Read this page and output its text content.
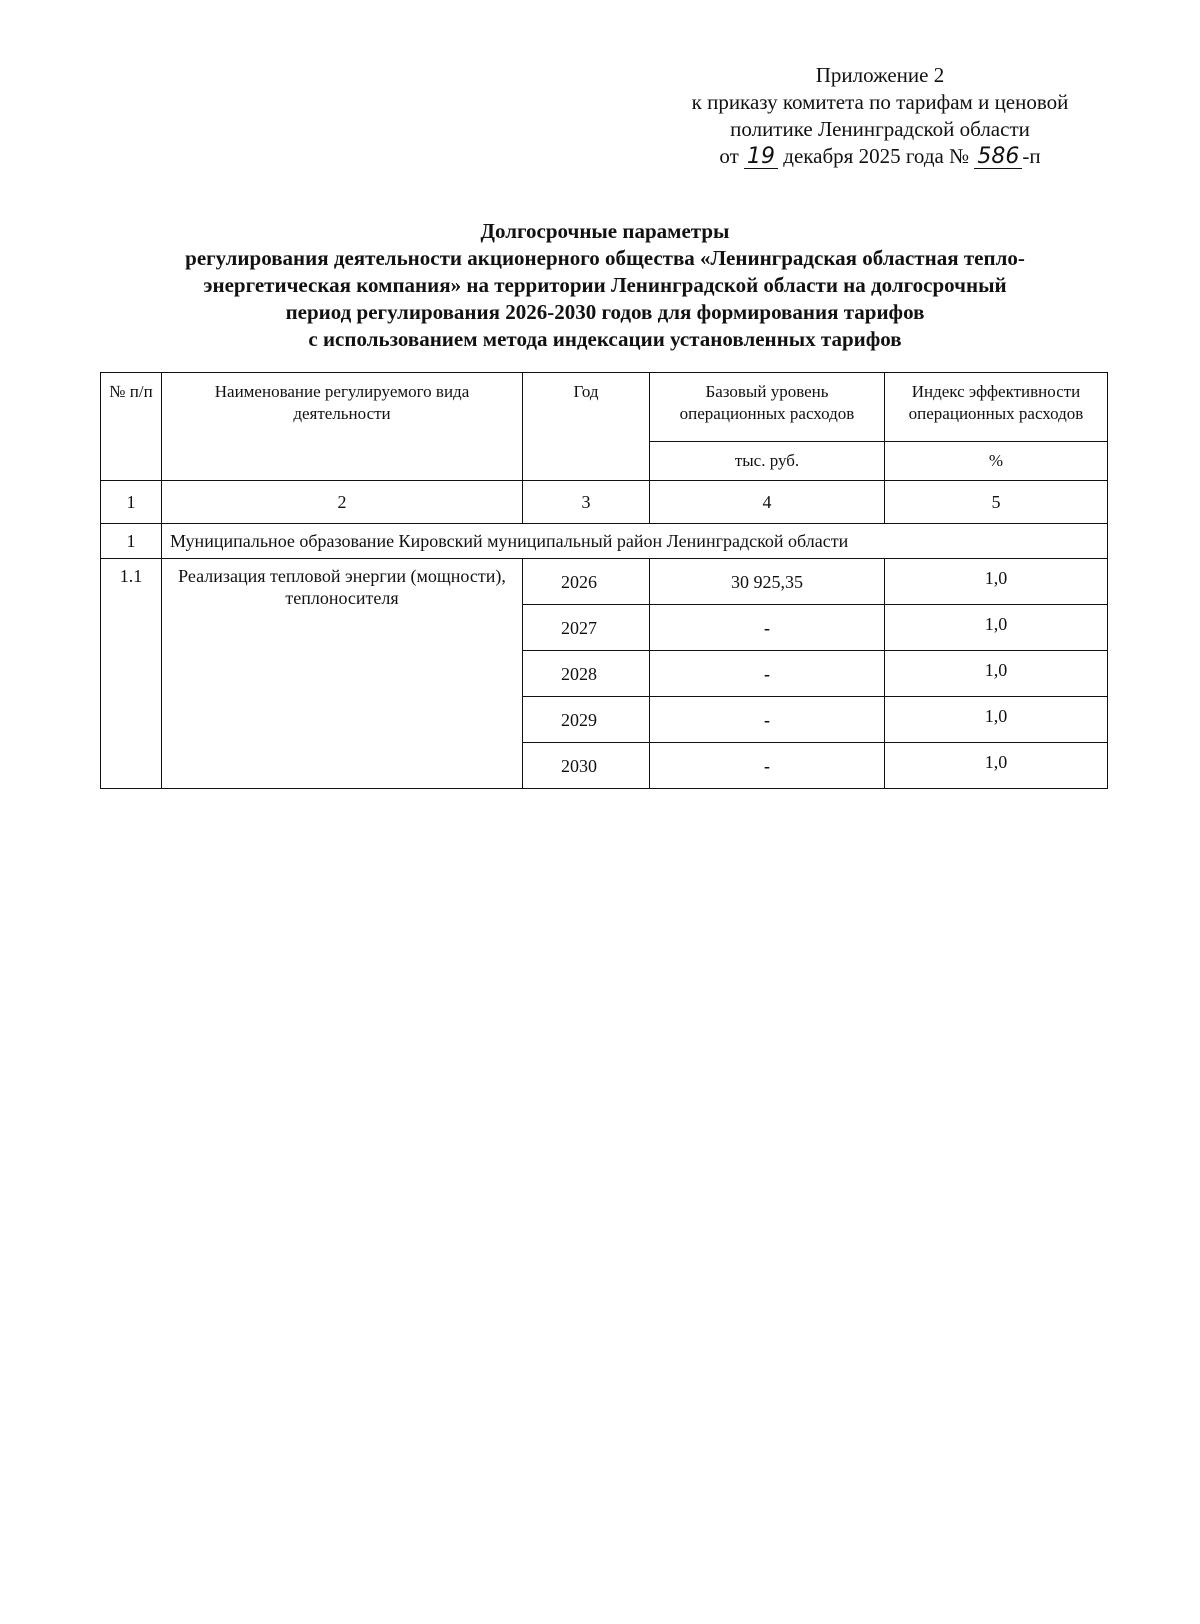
Приложение 2
к приказу комитета по тарифам и ценовой
политике Ленинградской области
от 19 декабря 2025 года № 586 -п
Долгосрочные параметры
регулирования деятельности акционерного общества «Ленинградская областная тепло-
энергетическая компания» на территории Ленинградской области на долгосрочный
период регулирования 2026-2030 годов для формирования тарифов
с использованием метода индексации установленных тарифов
№ п/п	Наименование регулируемого вида деятельности	Год	Базовый уровень операционных расходов	Индекс эффективности операционных расходов
			тыс. руб.	%
1	2	3	4	5
1	Муниципальное образование Кировский муниципальный район Ленинградской области			
1.1	Реализация тепловой энергии (мощности), теплоносителя	2026	30 925,35	1,0
		2027	-	1,0
		2028	-	1,0
		2029	-	1,0
		2030	-	1,0
